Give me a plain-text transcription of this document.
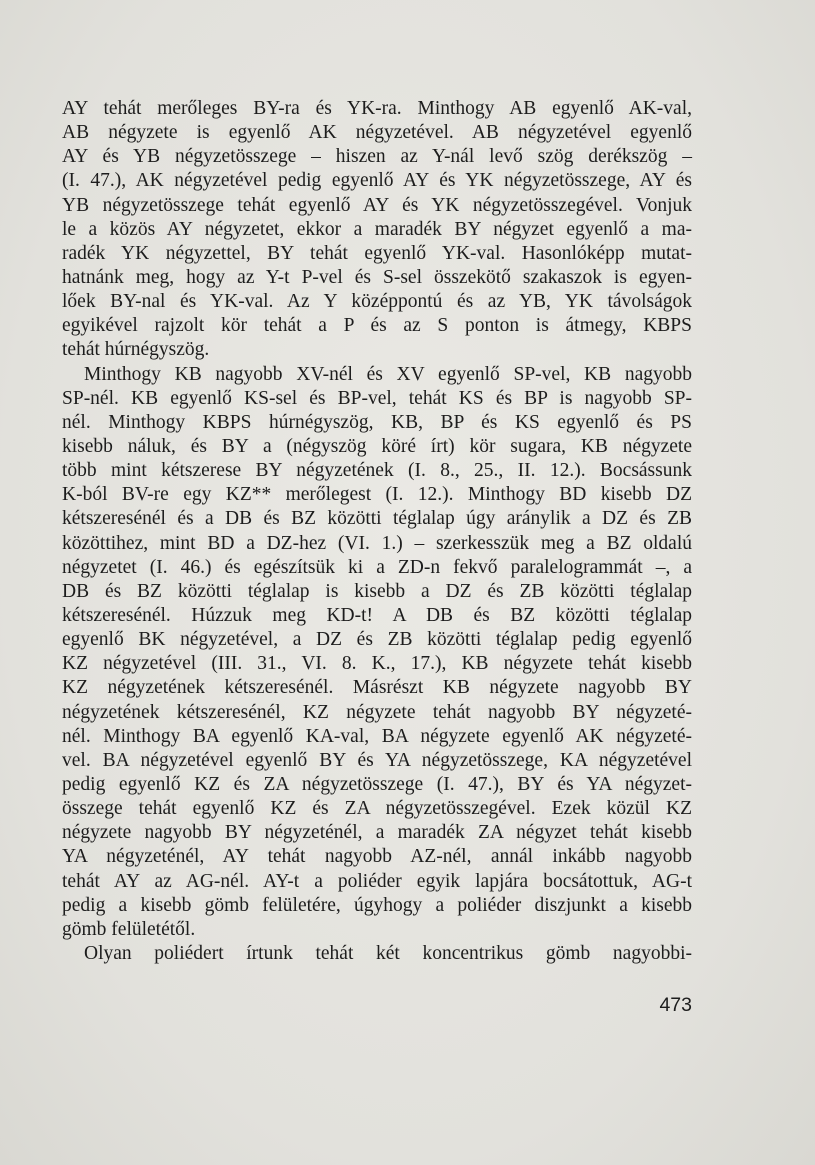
AY tehát merőleges BY-ra és YK-ra. Minthogy AB egyenlő AK-val,
AB négyzete is egyenlő AK négyzetével. AB négyzetével egyenlő
AY és YB négyzetösszege – hiszen az Y-nál levő szög derékszög –
(I. 47.), AK négyzetével pedig egyenlő AY és YK négyzetösszege, AY és
YB négyzetösszege tehát egyenlő AY és YK négyzetösszegével. Vonjuk
le a közös AY négyzetet, ekkor a maradék BY négyzet egyenlő a ma-
radék YK négyzettel, BY tehát egyenlő YK-val. Hasonlóképp mutat-
hatnánk meg, hogy az Y-t P-vel és S-sel összekötő szakaszok is egyen-
lőek BY-nal és YK-val. Az Y középpontú és az YB, YK távolságok
egyikével rajzolt kör tehát a P és az S ponton is átmegy, KBPS
tehát húrnégyszög.
Minthogy KB nagyobb XV-nél és XV egyenlő SP-vel, KB nagyobb
SP-nél. KB egyenlő KS-sel és BP-vel, tehát KS és BP is nagyobb SP-
nél. Minthogy KBPS húrnégyszög, KB, BP és KS egyenlő és PS
kisebb náluk, és BY a (négyszög köré írt) kör sugara, KB négyzete
több mint kétszerese BY négyzetének (I. 8., 25., II. 12.). Bocsássunk
K-ból BV-re egy KZ** merőlegest (I. 12.). Minthogy BD kisebb DZ
kétszeresénél és a DB és BZ közötti téglalap úgy aránylik a DZ és ZB
közöttihez, mint BD a DZ-hez (VI. 1.) – szerkesszük meg a BZ oldalú
négyzetet (I. 46.) és egészítsük ki a ZD-n fekvő paralelogrammát –, a
DB és BZ közötti téglalap is kisebb a DZ és ZB közötti téglalap
kétszeresénél. Húzzuk meg KD-t! A DB és BZ közötti téglalap
egyenlő BK négyzetével, a DZ és ZB közötti téglalap pedig egyenlő
KZ négyzetével (III. 31., VI. 8. K., 17.), KB négyzete tehát kisebb
KZ négyzetének kétszeresénél. Másrészt KB négyzete nagyobb BY
négyzetének kétszeresénél, KZ négyzete tehát nagyobb BY négyzeté-
nél. Minthogy BA egyenlő KA-val, BA négyzete egyenlő AK négyzeté-
vel. BA négyzetével egyenlő BY és YA négyzetösszege, KA négyzetével
pedig egyenlő KZ és ZA négyzetösszege (I. 47.), BY és YA négyzet-
összege tehát egyenlő KZ és ZA négyzetösszegével. Ezek közül KZ
négyzete nagyobb BY négyzeténél, a maradék ZA négyzet tehát kisebb
YA négyzeténél, AY tehát nagyobb AZ-nél, annál inkább nagyobb
tehát AY az AG-nél. AY-t a poliéder egyik lapjára bocsátottuk, AG-t
pedig a kisebb gömb felületére, úgyhogy a poliéder diszjunkt a kisebb
gömb felületétől.
Olyan poliédert írtunk tehát két koncentrikus gömb nagyobbi-
473
